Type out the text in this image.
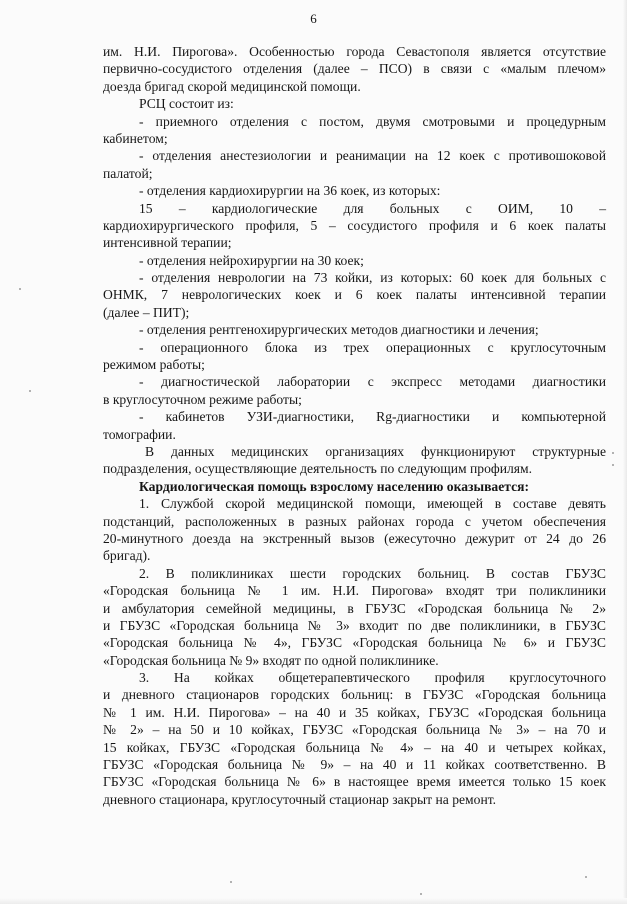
6
им. Н.И. Пирогова». Особенностью города Севастополя является отсутствие
первично-сосудистого отделения (далее – ПСО) в связи с «малым плечом»
доезда бригад скорой медицинской помощи.
РСЦ состоит из:
- приемного отделения с постом, двумя смотровыми и процедурным
кабинетом;
- отделения анестезиологии и реанимации на 12 коек с противошоковой
палатой;
- отделения кардиохирургии на 36 коек, из которых:
15 – кардиологические для больных с ОИМ, 10 –
кардиохирургического профиля, 5 – сосудистого профиля и 6 коек палаты
интенсивной терапии;
- отделения нейрохирургии на 30 коек;
- отделения неврологии на 73 койки, из которых: 60 коек для больных с
ОНМК, 7 неврологических коек и 6 коек палаты интенсивной терапии
(далее – ПИТ);
- отделения рентгенохирургических методов диагностики и лечения;
- операционного блока из трех операционных с круглосуточным
режимом работы;
- диагностической лаборатории с экспресс методами диагностики
в круглосуточном режиме работы;
- кабинетов УЗИ-диагностики, Rg-диагностики и компьютерной
томографии.
В данных медицинских организациях функционируют структурные
подразделения, осуществляющие деятельность по следующим профилям.
Кардиологическая помощь взрослому населению оказывается:
1. Службой скорой медицинской помощи, имеющей в составе девять
подстанций, расположенных в разных районах города с учетом обеспечения
20-минутного доезда на экстренный вызов (ежесуточно дежурит от 24 до 26
бригад).
2. В поликлиниках шести городских больниц. В состав ГБУЗС
«Городская больница № 1 им. Н.И. Пирогова» входят три поликлиники
и амбулатория семейной медицины, в ГБУЗС «Городская больница № 2»
и ГБУЗС «Городская больница № 3» входит по две поликлиники, в ГБУЗС
«Городская больница № 4», ГБУЗС «Городская больница № 6» и ГБУЗС
«Городская больница № 9» входят по одной поликлинике.
3. На койках общетерапевтического профиля круглосуточного
и дневного стационаров городских больниц: в ГБУЗС «Городская больница
№ 1 им. Н.И. Пирогова» – на 40 и 35 койках, ГБУЗС «Городская больница
№ 2» – на 50 и 10 койках, ГБУЗС «Городская больница № 3» – на 70 и
15 койках, ГБУЗС «Городская больница № 4» – на 40 и четырех койках,
ГБУЗС «Городская больница № 9» – на 40 и 11 койках соответственно. В
ГБУЗС «Городская больница № 6» в настоящее время имеется только 15 коек
дневного стационара, круглосуточный стационар закрыт на ремонт.
